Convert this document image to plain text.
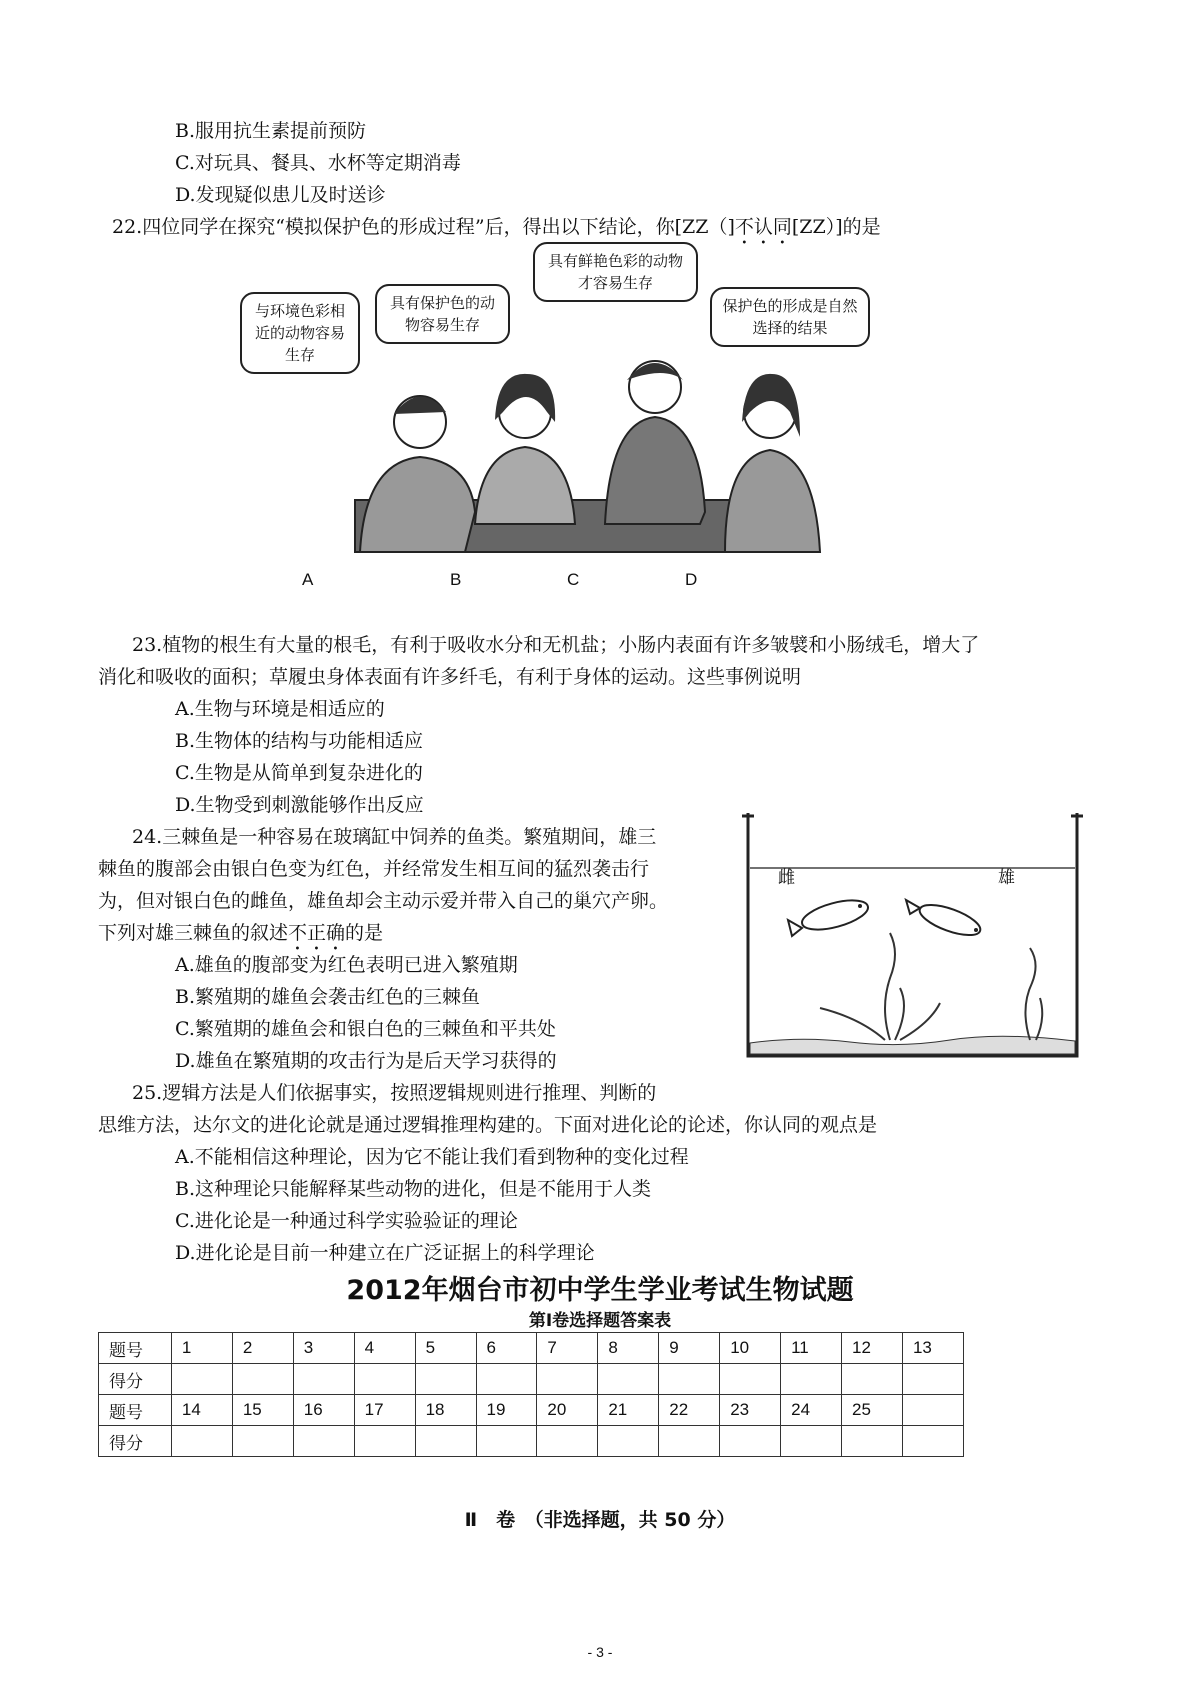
B.服用抗生素提前预防
C.对玩具、餐具、水杯等定期消毒
D.发现疑似患儿及时送诊
22.四位同学在探究“模拟保护色的形成过程”后，得出以下结论，你[ZZ（]不认同[ZZ）]的是
与环境色彩相近的动物容易生存
具有保护色的动物容易生存
具有鲜艳色彩的动物才容易生存
保护色的形成是自然选择的结果
A	B	C	D
23.植物的根生有大量的根毛，有利于吸收水分和无机盐；小肠内表面有许多皱襞和小肠绒毛，增大了
消化和吸收的面积；草履虫身体表面有许多纤毛，有利于身体的运动。这些事例说明
A.生物与环境是相适应的
B.生物体的结构与功能相适应
C.生物是从简单到复杂进化的
D.生物受到刺激能够作出反应
24.三棘鱼是一种容易在玻璃缸中饲养的鱼类。繁殖期间，雄三
棘鱼的腹部会由银白色变为红色，并经常发生相互间的猛烈袭击行
为，但对银白色的雌鱼，雄鱼却会主动示爱并带入自己的巢穴产卵。
下列对雄三棘鱼的叙述不正确的是
A.雄鱼的腹部变为红色表明已进入繁殖期
B.繁殖期的雄鱼会袭击红色的三棘鱼
C.繁殖期的雄鱼会和银白色的三棘鱼和平共处
D.雄鱼在繁殖期的攻击行为是后天学习获得的
雌	雄
25.逻辑方法是人们依据事实，按照逻辑规则进行推理、判断的
思维方法，达尔文的进化论就是通过逻辑推理构建的。下面对进化论的论述，你认同的观点是
A.不能相信这种理论，因为它不能让我们看到物种的变化过程
B.这种理论只能解释某些动物的进化，但是不能用于人类
C.进化论是一种通过科学实验验证的理论
D.进化论是目前一种建立在广泛证据上的科学理论
2012年烟台市初中学生学业考试生物试题
第Ⅰ卷选择题答案表
题号	1	2	3	4	5	6	7	8	9	10	11	12	13
得分													
题号	14	15	16	17	18	19	20	21	22	23	24	25	
得分													
Ⅱ　卷　（非选择题，共 50 分）
- 3 -
